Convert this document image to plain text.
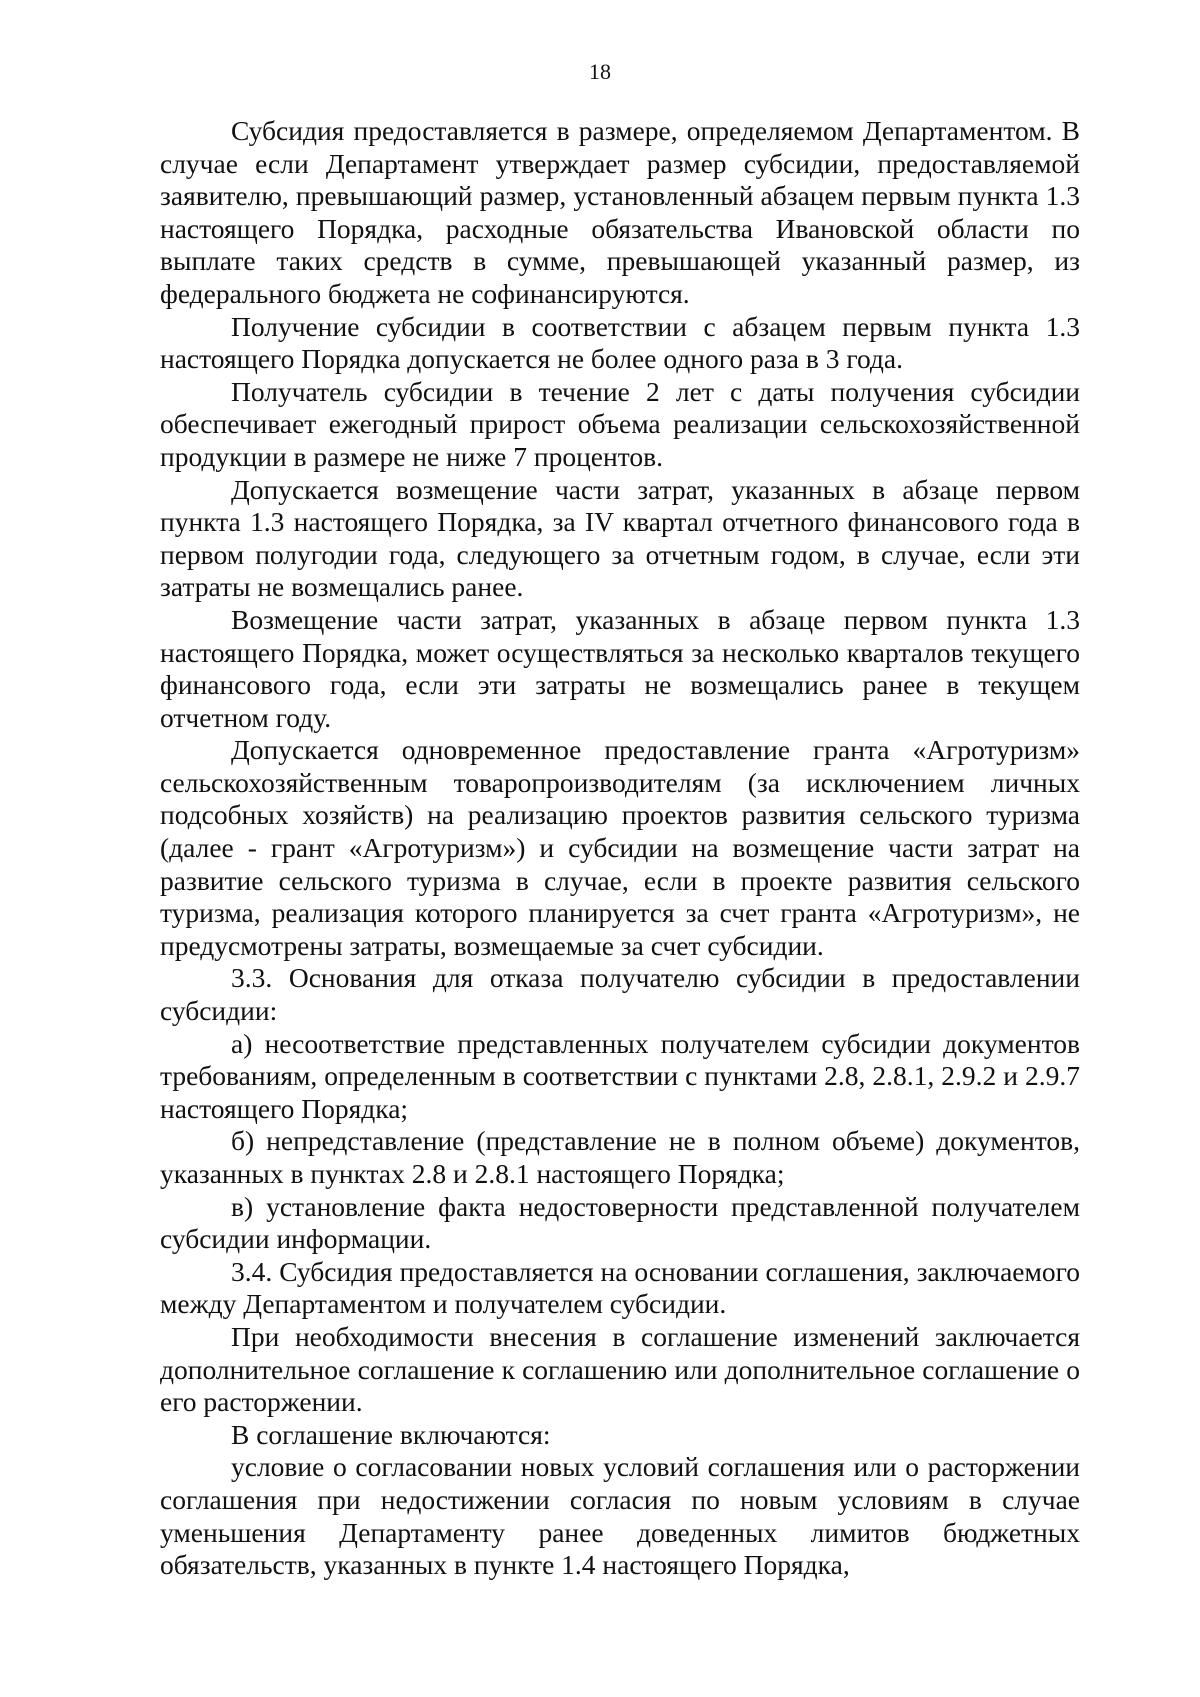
18

Субсидия предоставляется в размере, определяемом Департаментом. В случае если Департамент утверждает размер субсидии, предоставляемой заявителю, превышающий размер, установленный абзацем первым пункта 1.3 настоящего Порядка, расходные обязательства Ивановской области по выплате таких средств в сумме, превышающей указанный размер, из федерального бюджета не софинансируются.

Получение субсидии в соответствии с абзацем первым пункта 1.3 настоящего Порядка допускается не более одного раза в 3 года.

Получатель субсидии в течение 2 лет с даты получения субсидии обеспечивает ежегодный прирост объема реализации сельскохозяйственной продукции в размере не ниже 7 процентов.

Допускается возмещение части затрат, указанных в абзаце первом пункта 1.3 настоящего Порядка, за IV квартал отчетного финансового года в первом полугодии года, следующего за отчетным годом, в случае, если эти затраты не возмещались ранее.

Возмещение части затрат, указанных в абзаце первом пункта 1.3 настоящего Порядка, может осуществляться за несколько кварталов текущего финансового года, если эти затраты не возмещались ранее в текущем отчетном году.

Допускается одновременное предоставление гранта «Агротуризм» сельскохозяйственным товаропроизводителям (за исключением личных подсобных хозяйств) на реализацию проектов развития сельского туризма (далее - грант «Агротуризм») и субсидии на возмещение части затрат на развитие сельского туризма в случае, если в проекте развития сельского туризма, реализация которого планируется за счет гранта «Агротуризм», не предусмотрены затраты, возмещаемые за счет субсидии.

3.3. Основания для отказа получателю субсидии в предоставлении субсидии:

а) несоответствие представленных получателем субсидии документов требованиям, определенным в соответствии с пунктами 2.8, 2.8.1, 2.9.2 и 2.9.7 настоящего Порядка;

б) непредставление (представление не в полном объеме) документов, указанных в пунктах 2.8 и 2.8.1 настоящего Порядка;

в) установление факта недостоверности представленной получателем субсидии информации.

3.4. Субсидия предоставляется на основании соглашения, заключаемого между Департаментом и получателем субсидии.

При необходимости внесения в соглашение изменений заключается дополнительное соглашение к соглашению или дополнительное соглашение о его расторжении.

В соглашение включаются:

условие о согласовании новых условий соглашения или о расторжении соглашения при недостижении согласия по новым условиям в случае уменьшения Департаменту ранее доведенных лимитов бюджетных обязательств, указанных в пункте 1.4 настоящего Порядка,
